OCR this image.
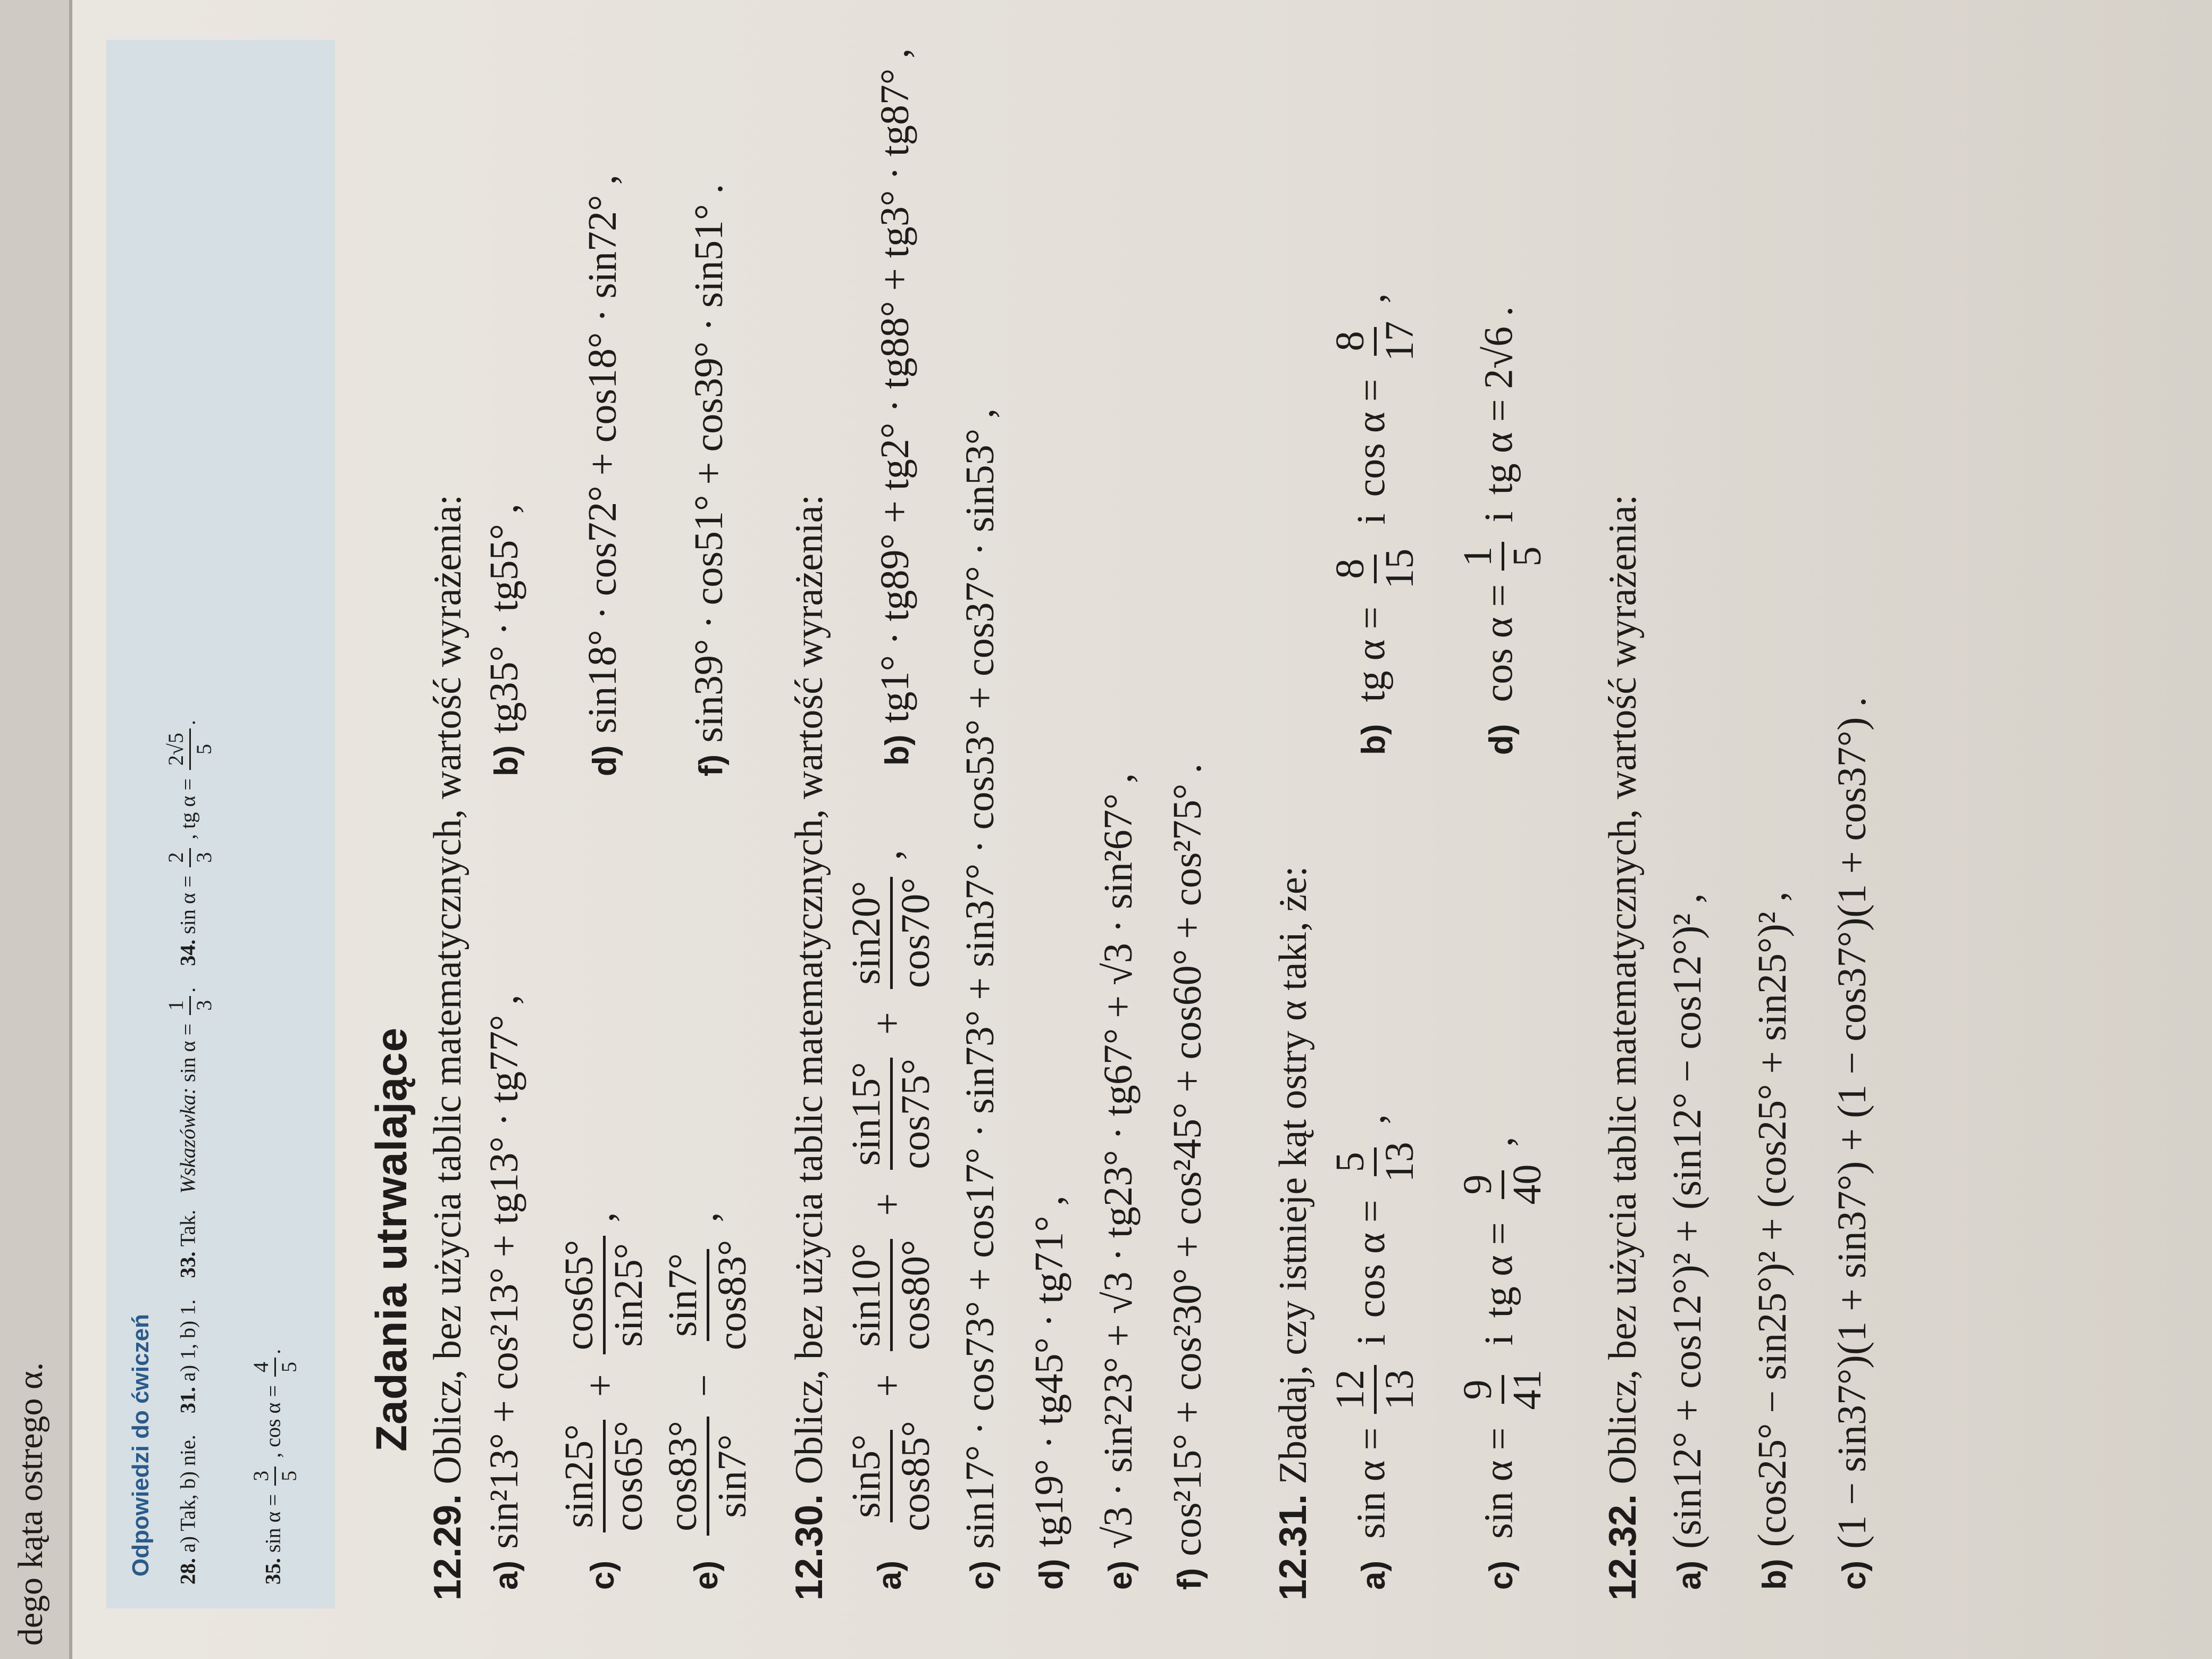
dego kąta ostrego α.	Odpowiedzi do ćwiczeń	28. a) Tak, b) nie.    31. a) 1, b) 1.    33. Tak.   Wskazówka: sin α =
1 3
.    34. sin α =
2 3
, tg α =
2√5 5
.
35. sin α =
3 5
, cos α =
4 5
.	Zadania utrwalające
12.29. Oblicz, bez użycia tablic matematycznych, wartość wyrażenia:
a)sin²13° + cos²13° + tg13° · tg77° ,
b)tg35° · tg55° ,
c)
sin25° cos65°
+
cos65° sin25°
,
d)sin18° · cos72° + cos18° · sin72° ,
e)
cos83° sin7°
−
sin7° cos83°
,
f)sin39° · cos51° + cos39° · sin51° .
12.30. Oblicz, bez użycia tablic matematycznych, wartość wyrażenia:
a)
sin5° cos85°
+
sin10° cos80°
+
sin15° cos75°
+
sin20° cos70°
,
b)tg1° · tg89° + tg2° · tg88° + tg3° · tg87° ,
c)sin17° · cos73° + cos17° · sin73° + sin37° · cos53° + cos37° · sin53° ,
d)tg19° · tg45° · tg71° ,
e)√3 · sin²23° + √3 · tg23° · tg67° + √3 · sin²67° ,
f)cos²15° + cos²30° + cos²45° + cos60° + cos²75° . 12.31. Zbadaj, czy istnieje kąt ostry α taki, że:
a) sin α =
12 13
i cos α =
5 13
,
b) tg α =
8 15
i cos α =
8 17
,
c) sin α =
9 41
i tg α =
9 40
,
d) cos α =
1 5
i tg α = 2√6 .
12.32. Oblicz, bez użycia tablic matematycznych, wartość wyrażenia:
a)(sin12° + cos12°)² + (sin12° − cos12°)² ,
b)(cos25° − sin25°)² + (cos25° + sin25°)² ,
c)(1 − sin37°)(1 + sin37°) + (1 − cos37°)(1 + cos37°) .
